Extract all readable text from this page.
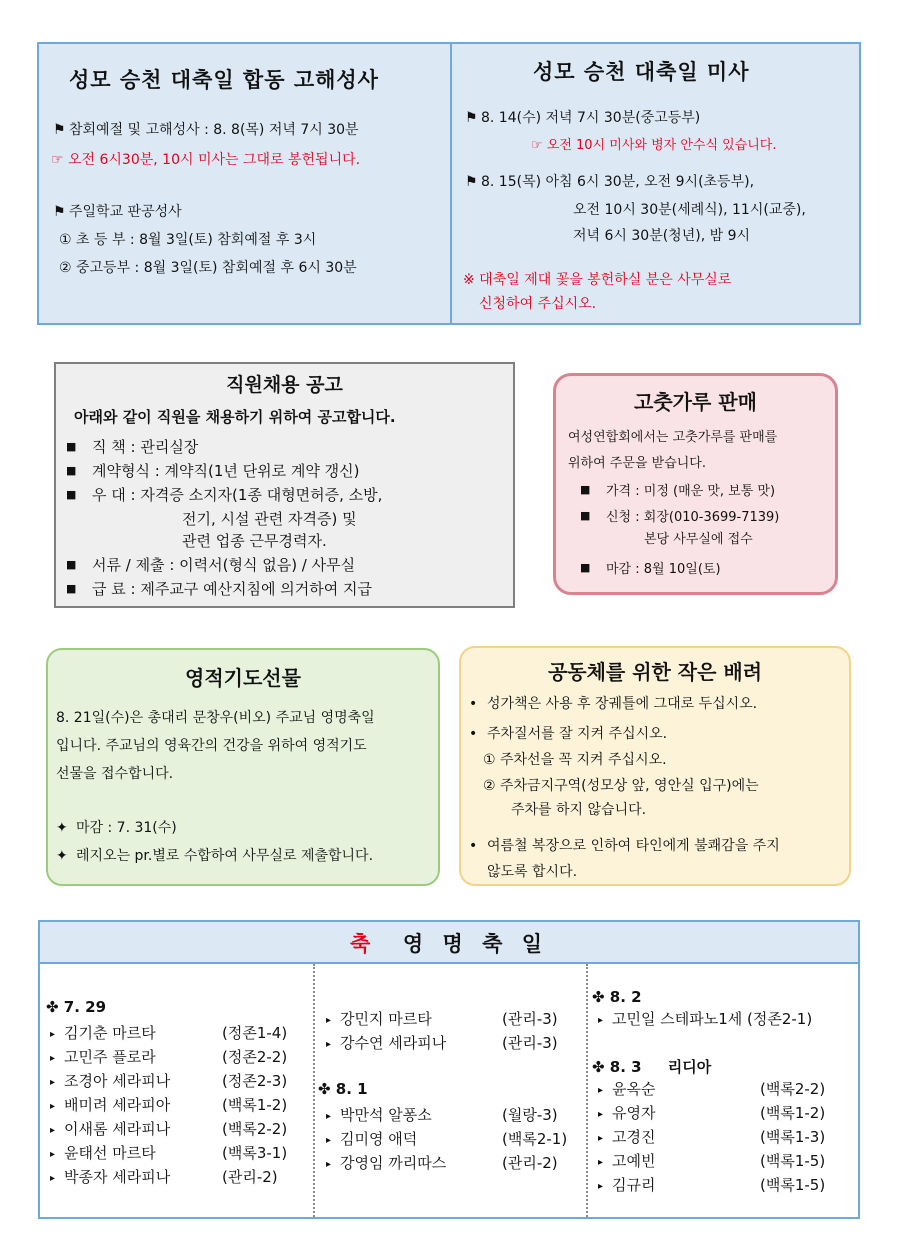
성모 승천 대축일 합동 고해성사
⚑ 참회예절 및 고해성사 : 8. 8(목) 저녁 7시 30분
☞ 오전 6시30분, 10시 미사는 그대로 봉헌됩니다.
⚑ 주일학교 판공성사
① 초 등 부 : 8월 3일(토) 참회예절 후 3시
② 중고등부 : 8월 3일(토) 참회예절 후 6시 30분
성모 승천 대축일 미사
⚑ 8. 14(수) 저녁 7시 30분(중고등부)
☞ 오전 10시 미사와 병자 안수식 있습니다.
⚑ 8. 15(목) 아침 6시 30분, 오전 9시(초등부),
오전 10시 30분(세례식), 11시(교중),
저녁 6시 30분(청년), 밤 9시
※ 대축일 제대 꽃을 봉헌하실 분은 사무실로
신청하여 주십시오.
직원채용 공고
아래와 같이 직원을 채용하기 위하여 공고합니다.
■ 직 책 : 관리실장
■ 계약형식 : 계약직(1년 단위로 계약 갱신)
■ 우 대 : 자격증 소지자(1종 대형면허증, 소방,
전기, 시설 관련 자격증) 및
관련 업종 근무경력자.
■ 서류 / 제출 : 이력서(형식 없음) / 사무실
■ 급 료 : 제주교구 예산지침에 의거하여 지급
고춧가루 판매
여성연합회에서는 고춧가루를 판매를
위하여 주문을 받습니다.
■ 가격 : 미정 (매운 맛, 보통 맛)
■ 신청 : 회장(010-3699-7139)
본당 사무실에 접수
■ 마감 : 8월 10일(토)
영적기도선물
8. 21일(수)은 총대리 문창우(비오) 주교님 영명축일
입니다. 주교님의 영육간의 건강을 위하여 영적기도
선물을 접수합니다.
✦ 마감 : 7. 31(수)
✦ 레지오는 pr.별로 수합하여 사무실로 제출합니다.
공동체를 위한 작은 배려
• 성가책은 사용 후 장궤틀에 그대로 두십시오.
• 주차질서를 잘 지켜 주십시오.
① 주차선을 꼭 지켜 주십시오.
② 주차금지구역(성모상 앞, 영안실 입구)에는
주차를 하지 않습니다.
• 여름철 복장으로 인하여 타인에게 불쾌감을 주지
않도록 합시다.
축 영 명 축 일
✤ 7. 29
▸ 김기춘 마르타	(정존1-4)
▸ 고민주 플로라	(정존2-2)
▸ 조경아 세라피나	(정존2-3)
▸ 배미려 세라피아	(백록1-2)
▸ 이새롬 세라피나	(백록2-2)
▸ 윤태선 마르타	(백록3-1)
▸ 박종자 세라피나	(관리-2)
▸ 강민지 마르타	(관리-3)
▸ 강수연 세라피나	(관리-3)
✤ 8. 1
▸ 박만석 알퐁소	(월랑-3)
▸ 김미영 애덕	(백록2-1)
▸ 강영임 까리따스	(관리-2)
✤ 8. 2
▸ 고민일 스테파노1세 (정존2-1)
✤ 8. 3 리디아
▸ 윤옥순	(백록2-2)
▸ 유영자	(백록1-2)
▸ 고경진	(백록1-3)
▸ 고예빈	(백록1-5)
▸ 김규리	(백록1-5)
